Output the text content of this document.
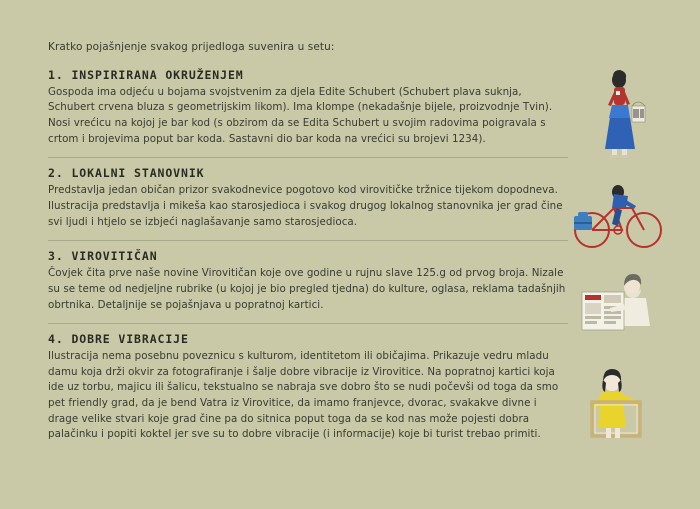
Kratko pojašnjenje svakog prijedloga suvenira u setu:
1. INSPIRIRANA OKRUŽENJEM
Gospoda ima odjeću u bojama svojstvenim za djela Edite Schubert (Schubert plava suknja, Schubert crvena bluza s geometrijskim likom). Ima klompe (nekadašnje bijele, proizvodnje Tvin). Nosi vrećicu na kojoj je bar kod (s obzirom da se Edita Schubert u svojim radovima poigravala s crtom i brojevima poput bar koda. Sastavni dio bar koda na vrećici su brojevi 1234).
2. LOKALNI STANOVNIK
Predstavlja jedan običan prizor svakodnevice pogotovo kod virovitičke tržnice tijekom dopodneva. Ilustracija predstavlja i mikeša kao starosjedioca i svakog drugog lokalnog stanovnika jer grad čine svi ljudi i htjelo se izbjeći naglašavanje samo starosjedioca.
3. VIROVITIČAN
Čovjek čita prve naše novine Virovitičan koje ove godine u rujnu slave 125.g od prvog broja. Nizale su se teme od nedjeljne rubrike (u kojoj je bio pregled tjedna) do kulture, oglasa, reklama tadašnjih obrtnika. Detaljnije se pojašnjava u popratnoj kartici.
4. DOBRE VIBRACIJE
Ilustracija nema posebnu poveznicu s kulturom, identitetom ili običajima. Prikazuje vedru mladu damu koja drži okvir za fotografiranje i šalje dobre vibracije iz Virovitice. Na popratnoj kartici koja ide uz torbu, majicu ili šalicu, tekstualno se nabraja sve dobro što se nudi počevši od toga da smo pet friendly grad, da je bend Vatra iz Virovitice, da imamo franjevce, dvorac, svakakve divne i drage velike stvari koje grad čine pa do sitnica poput toga da se kod nas može pojesti dobra palačinku i popiti koktel jer sve su to dobre vibracije (i informacije) koje bi turist trebao primiti.
